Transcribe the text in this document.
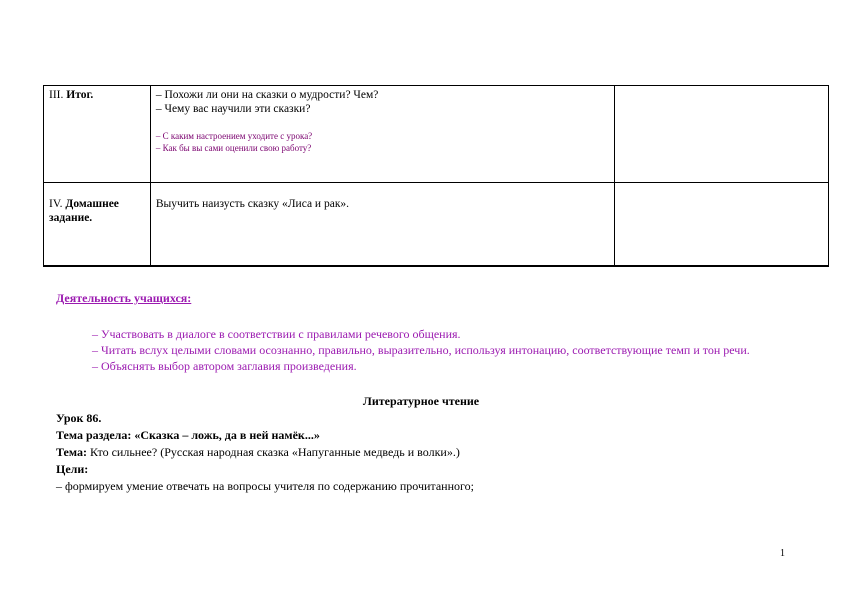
III. Итог.	– Похожи ли они на сказки о мудрости? Чем?
– Чему вас научили эти сказки?
– С каким настроением уходите с урока?
– Как бы вы сами оценили свою работу?	

IV. Домашнее задание.	Выучить наизусть сказку «Лиса и рак».	
Деятельность учащихся:
– Участвовать в диалоге в соответствии с правилами речевого общения.
– Читать вслух целыми словами осознанно, правильно, выразительно, используя интонацию, соответствующие темп и тон речи.
– Объяснять выбор автором заглавия произведения.
Литературное чтение
Урок 86.
Тема раздела: «Сказка – ложь, да в ней намёк...»
Тема: Кто сильнее? (Русская народная сказка «Напуганные медведь и волки».)
Цели:
– формируем умение отвечать на вопросы учителя по содержанию прочитанного;
1
